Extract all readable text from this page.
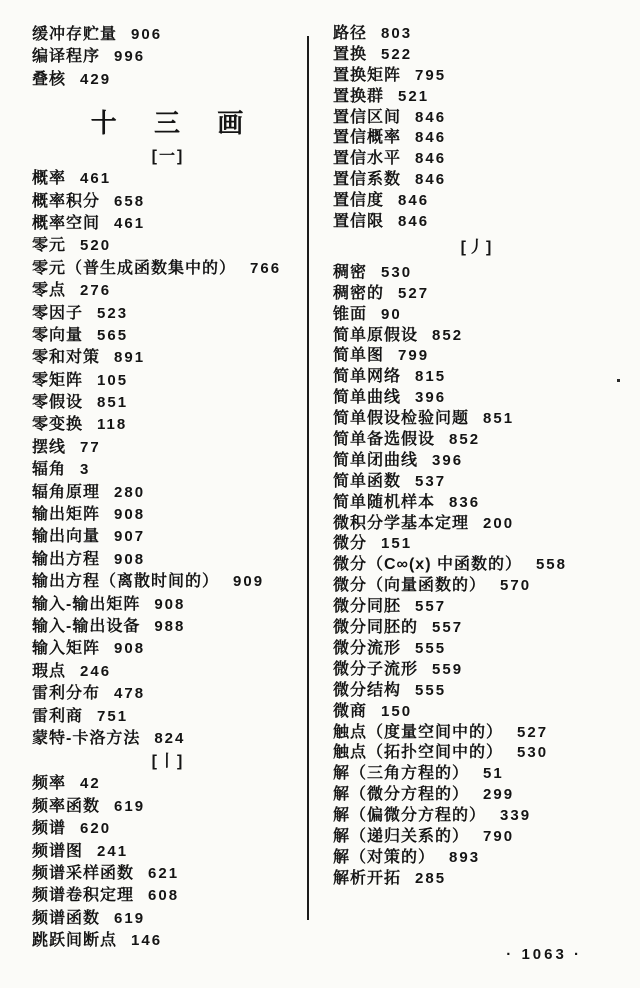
缓冲存贮量 906
编译程序 996
叠核 429
十 三 画
[一]
概率 461
概率积分 658
概率空间 461
零元 520
零元（普生成函数集中的） 766
零点 276
零因子 523
零向量 565
零和对策 891
零矩阵 105
零假设 851
零变换 118
摆线 77
辐角 3
辐角原理 280
输出矩阵 908
输出向量 907
输出方程 908
输出方程（离散时间的） 909
输入-输出矩阵 908
输入-输出设备 988
输入矩阵 908
瑕点 246
雷利分布 478
雷利商 751
蒙特-卡洛方法 824
[丨]
频率 42
频率函数 619
频谱 620
频谱图 241
频谱采样函数 621
频谱卷积定理 608
频谱函数 619
跳跃间断点 146
路径 803
置换 522
置换矩阵 795
置换群 521
置信区间 846
置信概率 846
置信水平 846
置信系数 846
置信度 846
置信限 846
[丿]
稠密 530
稠密的 527
锥面 90
简单原假设 852
简单图 799
简单网络 815
简单曲线 396
简单假设检验问题 851
简单备选假设 852
简单闭曲线 396
简单函数 537
简单随机样本 836
微积分学基本定理 200
微分 151
微分（C∞(x) 中函数的） 558
微分（向量函数的） 570
微分同胚 557
微分同胚的 557
微分流形 555
微分子流形 559
微分结构 555
微商 150
触点（度量空间中的） 527
触点（拓扑空间中的） 530
解（三角方程的） 51
解（微分方程的） 299
解（偏微分方程的） 339
解（递归关系的） 790
解（对策的） 893
解析开拓 285
· 1063 ·
